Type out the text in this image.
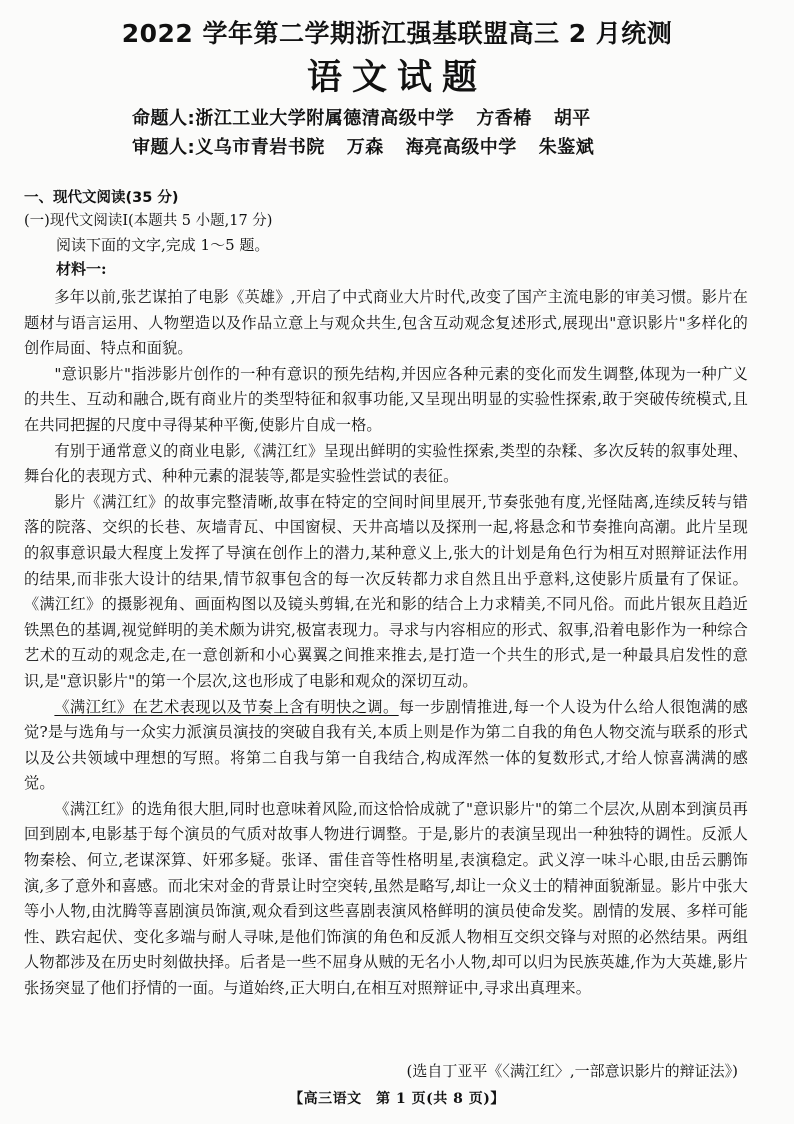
2022 学年第二学期浙江强基联盟高三 2 月统测
语文试题
命题人:浙江工业大学附属德清高级中学 方香椿 胡平
审题人:义乌市青岩书院 万森 海亮高级中学 朱鉴斌
一、现代文阅读(35 分)
(一)现代文阅读Ⅰ(本题共 5 小题,17 分)
阅读下面的文字,完成 1～5 题。
材料一:

多年以前,张艺谋拍了电影《英雄》,开启了中式商业大片时代,改变了国产主流电影的审美习惯。影片在题材与语言运用、人物塑造以及作品立意上与观众共生,包含互动观念复述形式,展现出"意识影片"多样化的创作局面、特点和面貌。

"意识影片"指涉影片创作的一种有意识的预先结构,并因应各种元素的变化而发生调整,体现为一种广义的共生、互动和融合,既有商业片的类型特征和叙事功能,又呈现出明显的实验性探索,敢于突破传统模式,且在共同把握的尺度中寻得某种平衡,使影片自成一格。

有别于通常意义的商业电影,《满江红》呈现出鲜明的实验性探索,类型的杂糅、多次反转的叙事处理、舞台化的表现方式、种种元素的混装等,都是实验性尝试的表征。

影片《满江红》的故事完整清晰,故事在特定的空间时间里展开,节奏张弛有度,光怪陆离,连续反转与错落的院落、交织的长巷、灰墙青瓦、中国窗棂、天井高墙以及探刑一起,将悬念和节奏推向高潮。此片呈现的叙事意识最大程度上发挥了导演在创作上的潜力,某种意义上,张大的计划是角色行为相互对照辩证法作用的结果,而非张大设计的结果,情节叙事包含的每一次反转都力求自然且出乎意料,这使影片质量有了保证。《满江红》的摄影视角、画面构图以及镜头剪辑,在光和影的结合上力求精美,不同凡俗。而此片银灰且趋近铁黑色的基调,视觉鲜明的美术颇为讲究,极富表现力。寻求与内容相应的形式、叙事,沿着电影作为一种综合艺术的互动的观念走,在一意创新和小心翼翼之间推来推去,是打造一个共生的形式,是一种最具启发性的意识,是"意识影片"的第一个层次,这也形成了电影和观众的深切互动。

《满江红》在艺术表现以及节奏上含有明快之调。每一步剧情推进,每一个人设为什么给人很饱满的感觉?是与选角与一众实力派演员演技的突破自我有关,本质上则是作为第二自我的角色人物交流与联系的形式以及公共领域中理想的写照。将第二自我与第一自我结合,构成浑然一体的复数形式,才给人惊喜满满的感觉。

《满江红》的选角很大胆,同时也意味着风险,而这恰恰成就了"意识影片"的第二个层次,从剧本到演员再回到剧本,电影基于每个演员的气质对故事人物进行调整。于是,影片的表演呈现出一种独特的调性。反派人物秦桧、何立,老谋深算、奸邪多疑。张译、雷佳音等性格明星,表演稳定。武义淳一味斗心眼,由岳云鹏饰演,多了意外和喜感。而北宋对金的背景让时空突转,虽然是略写,却让一众义士的精神面貌渐显。影片中张大等小人物,由沈腾等喜剧演员饰演,观众看到这些喜剧表演风格鲜明的演员使命发奖。剧情的发展、多样可能性、跌宕起伏、变化多端与耐人寻味,是他们饰演的角色和反派人物相互交织交锋与对照的必然结果。两组人物都涉及在历史时刻做抉择。后者是一些不屈身从贼的无名小人物,却可以归为民族英雄,作为大英雄,影片张扬突显了他们抒情的一面。与道始终,正大明白,在相互对照辩证中,寻求出真理来。

(选自丁亚平《〈满江红〉,一部意识影片的辩证法》)
【高三语文　第 1 页(共 8 页)】
